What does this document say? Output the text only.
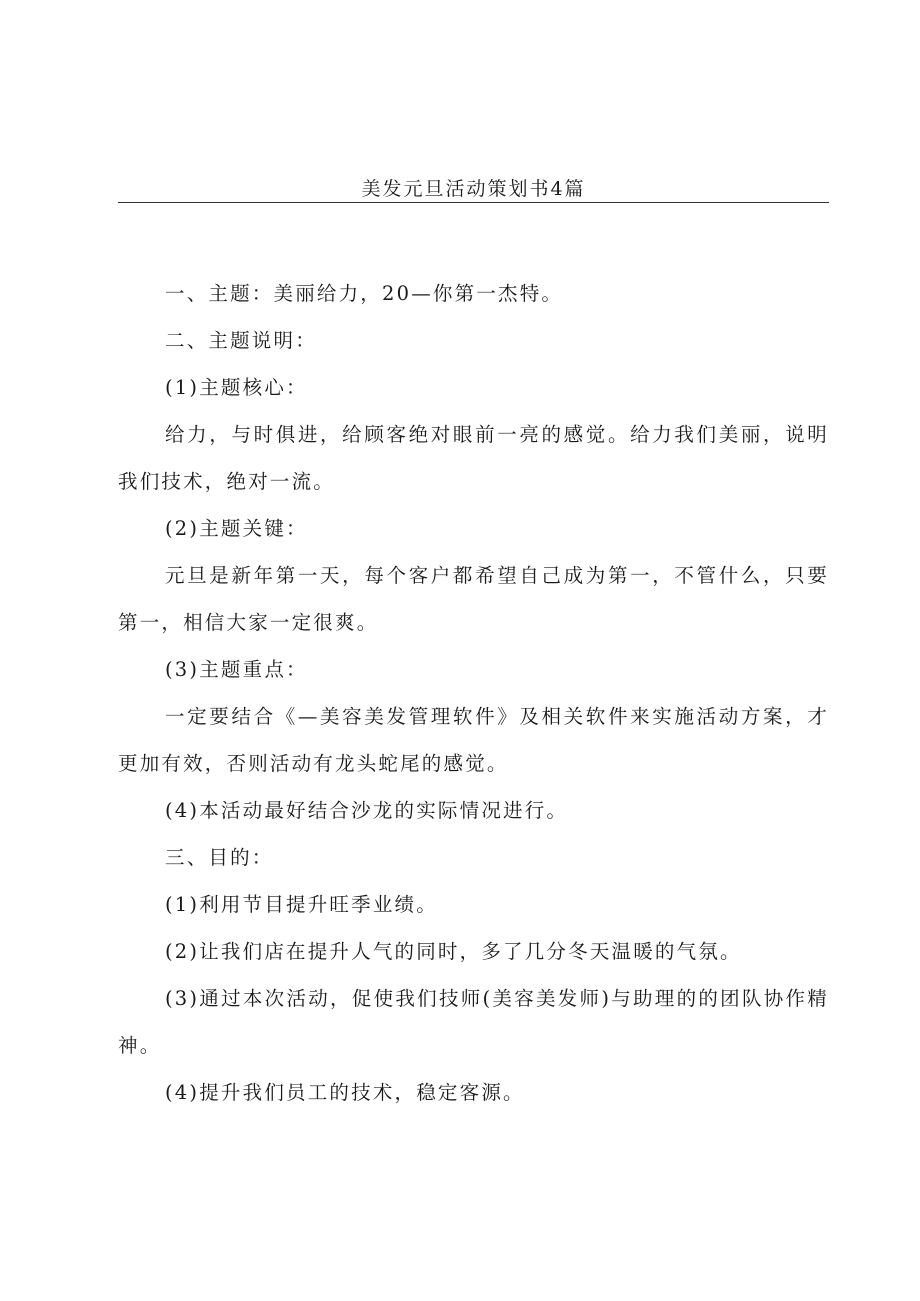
美发元旦活动策划书4篇

一、主题：美丽给力，20—你第一杰特。

二、主题说明：

(1)主题核心：

给力，与时俱进，给顾客绝对眼前一亮的感觉。给力我们美丽，说明我们技术，绝对一流。

(2)主题关键：

元旦是新年第一天，每个客户都希望自己成为第一，不管什么，只要第一，相信大家一定很爽。

(3)主题重点：

一定要结合《—美容美发管理软件》及相关软件来实施活动方案，才更加有效，否则活动有龙头蛇尾的感觉。

(4)本活动最好结合沙龙的实际情况进行。

三、目的：

(1)利用节目提升旺季业绩。

(2)让我们店在提升人气的同时，多了几分冬天温暖的气氛。

(3)通过本次活动，促使我们技师(美容美发师)与助理的的团队协作精神。

(4)提升我们员工的技术，稳定客源。
